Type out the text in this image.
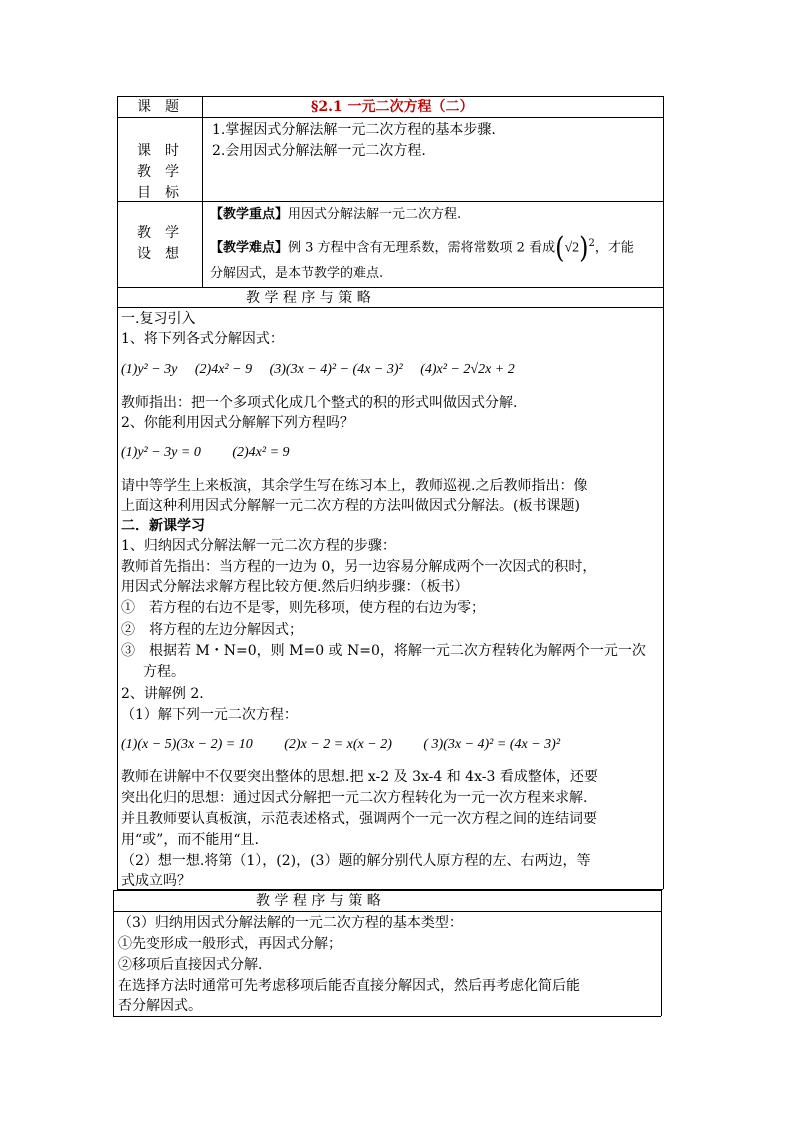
课　题	§2.1 一元二次方程（二）
课　时
教　学
目　标
1.掌握因式分解法解一元二次方程的基本步骤.
2.会用因式分解法解一元二次方程.
教　学
设　想
【教学重点】用因式分解法解一元二次方程.
【教学难点】例 3 方程中含有无理系数，需将常数项 2 看成$(√2)^2$，才能
分解因式，是本节教学的难点.
教 学 程 序 与 策 略
一.复习引入
1、将下列各式分解因式：
(1)y² − 3y　 (2)4x² − 9　 (3)(3x − 4)² − (4x − 3)²　 (4)x² − 2√2x + 2
教师指出：把一个多项式化成几个整式的积的形式叫做因式分解.
2、你能利用因式分解解下列方程吗？
(1)y² − 3y = 0　　 (2)4x² = 9
请中等学生上来板演，其余学生写在练习本上，教师巡视.之后教师指出：像
上面这种利用因式分解解一元二次方程的方法叫做因式分解法。(板书课题)
二．新课学习
1、归纳因式分解法解一元二次方程的步骤：
教师首先指出：当方程的一边为 0，另一边容易分解成两个一次因式的积时，
用因式分解法求解方程比较方便.然后归纳步骤：（板书）
①　若方程的右边不是零，则先移项，使方程的右边为零；
②　将方程的左边分解因式；
③　根据若 M・N=0，则 M=0 或 N=0，将解一元二次方程转化为解两个一元一次
方程。
2、讲解例 2.
（1）解下列一元二次方程：
(1)(x − 5)(3x − 2) = 10　　 (2)x − 2 = x(x − 2)　　 ( 3)(3x − 4)² = (4x − 3)²
教师在讲解中不仅要突出整体的思想.把 x-2 及 3x-4 和 4x-3 看成整体，还要
突出化归的思想：通过因式分解把一元二次方程转化为一元一次方程来求解.
并且教师要认真板演，示范表述格式，强调两个一元一次方程之间的连结词要
用“或”，而不能用“且.
（2）想一想.将第（1），(2)，(3）题的解分别代人原方程的左、右两边，等
式成立吗？
教 学 程 序 与 策 略
（3）归纳用因式分解法解的一元二次方程的基本类型：
①先变形成一般形式，再因式分解；
②移项后直接因式分解.
在选择方法时通常可先考虑移项后能否直接分解因式，然后再考虑化简后能
否分解因式。
